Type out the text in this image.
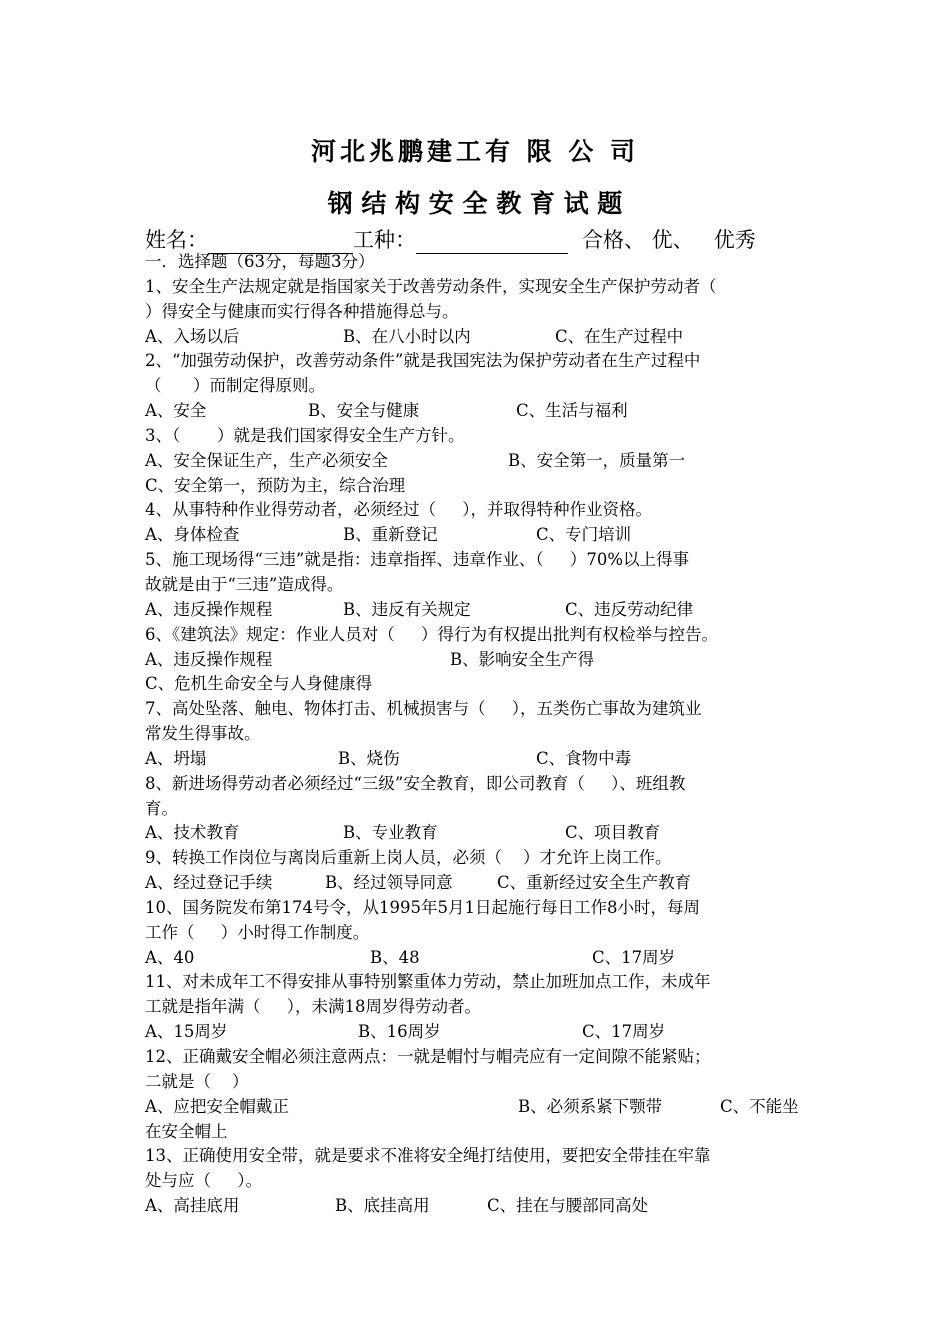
河北兆鹏建工有 限 公 司
钢 结 构 安 全 教 育 试 题
姓名：	工种：	合格、 优、   优秀
一．选择题（63分，每题3分）
1、安全生产法规定就是指国家关于改善劳动条件，实现安全生产保护劳动者（
）得安全与健康而实行得各种措施得总与。
A、入场以后	B、在八小时以内	C、在生产过程中
2、“加强劳动保护，改善劳动条件”就是我国宪法为保护劳动者在生产过程中
（      ）而制定得原则。
A、安全	B、安全与健康	C、生活与福利
3、（       ）就是我们国家得安全生产方针。
A、安全保证生产，生产必须安全	B、安全第一，质量第一
C、安全第一，预防为主，综合治理
4、从事特种作业得劳动者，必须经过（     ），并取得特种作业资格。
A、身体检查	B、重新登记	C、专门培训
5、施工现场得“三违”就是指：违章指挥、违章作业、（     ）70%以上得事
故就是由于“三违”造成得。
A、违反操作规程	B、违反有关规定	C、违反劳动纪律
6、《建筑法》规定：作业人员对（     ）得行为有权提出批判有权检举与控告。
A、违反操作规程	B、影响安全生产得
C、危机生命安全与人身健康得
7、高处坠落、触电、物体打击、机械损害与（     ），五类伤亡事故为建筑业
常发生得事故。
A、坍塌	B、烧伤	C、食物中毒
8、新进场得劳动者必须经过“三级”安全教育，即公司教育（     ）、班组教
育。
A、技术教育	B、专业教育	C、项目教育
9、转换工作岗位与离岗后重新上岗人员，必须（    ）才允许上岗工作。
A、经过登记手续	B、经过领导同意	C、重新经过安全生产教育
10、国务院发布第174号令，从1995年5月1日起施行每日工作8小时，每周
工作（     ）小时得工作制度。
A、40	B、48	C、17周岁
11、对未成年工不得安排从事特别繁重体力劳动，禁止加班加点工作，未成年
工就是指年满（     ），未满18周岁得劳动者。
A、15周岁	B、16周岁	C、17周岁
12、正确戴安全帽必须注意两点：一就是帽忖与帽壳应有一定间隙不能紧贴；
二就是（    ）
A、应把安全帽戴正	B、必须系紧下颚带	C、不能坐
在安全帽上
13、正确使用安全带，就是要求不准将安全绳打结使用，要把安全带挂在牢靠
处与应（     ）。
A、高挂底用	B、底挂高用	C、挂在与腰部同高处
